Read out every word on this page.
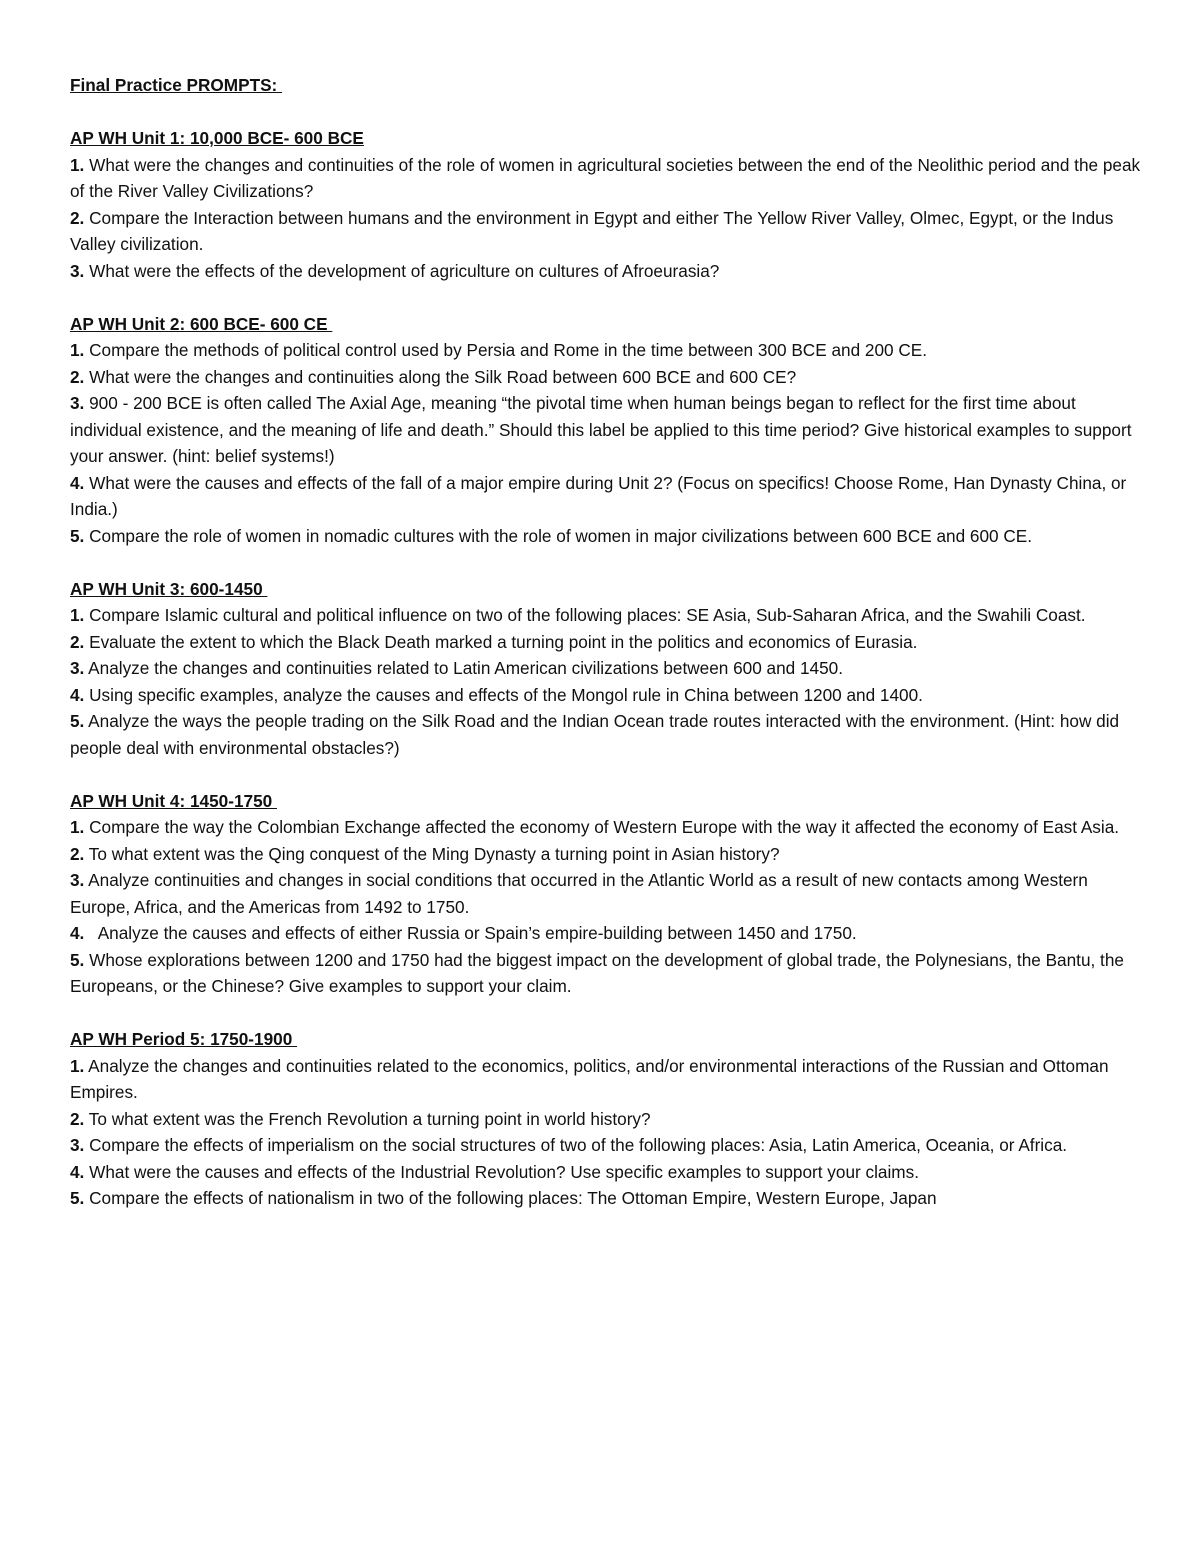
Final Practice PROMPTS:
AP WH Unit 1: 10,000 BCE- 600 BCE
1. What were the changes and continuities of the role of women in agricultural societies between the end of the Neolithic period and the peak of the River Valley Civilizations?
2. Compare the Interaction between humans and the environment in Egypt and either The Yellow River Valley, Olmec, Egypt, or the Indus Valley civilization.
3. What were the effects of the development of agriculture on cultures of Afroeurasia?
AP WH Unit 2: 600 BCE- 600 CE
1. Compare the methods of political control used by Persia and Rome in the time between 300 BCE and 200 CE.
2. What were the changes and continuities along the Silk Road between 600 BCE and 600 CE?
3. 900 - 200 BCE is often called The Axial Age, meaning “the pivotal time when human beings began to reflect for the first time about individual existence, and the meaning of life and death.” Should this label be applied to this time period? Give historical examples to support your answer. (hint: belief systems!)
4. What were the causes and effects of the fall of a major empire during Unit 2? (Focus on specifics! Choose Rome, Han Dynasty China, or India.)
5. Compare the role of women in nomadic cultures with the role of women in major civilizations between 600 BCE and 600 CE.
AP WH Unit 3: 600-1450
1. Compare Islamic cultural and political influence on two of the following places: SE Asia, Sub-Saharan Africa, and the Swahili Coast.
2. Evaluate the extent to which the Black Death marked a turning point in the politics and economics of Eurasia.
3. Analyze the changes and continuities related to Latin American civilizations between 600 and 1450.
4. Using specific examples, analyze the causes and effects of the Mongol rule in China between 1200 and 1400.
5. Analyze the ways the people trading on the Silk Road and the Indian Ocean trade routes interacted with the environment. (Hint: how did people deal with environmental obstacles?)
AP WH Unit 4: 1450-1750
1. Compare the way the Colombian Exchange affected the economy of Western Europe with the way it affected the economy of East Asia.
2. To what extent was the Qing conquest of the Ming Dynasty a turning point in Asian history?
3. Analyze continuities and changes in social conditions that occurred in the Atlantic World as a result of new contacts among Western Europe, Africa, and the Americas from 1492 to 1750.
4.   Analyze the causes and effects of either Russia or Spain’s empire-building between 1450 and 1750.
5. Whose explorations between 1200 and 1750 had the biggest impact on the development of global trade, the Polynesians, the Bantu, the Europeans, or the Chinese? Give examples to support your claim.
AP WH Period 5: 1750-1900
1. Analyze the changes and continuities related to the economics, politics, and/or environmental interactions of the Russian and Ottoman Empires.
2. To what extent was the French Revolution a turning point in world history?
3. Compare the effects of imperialism on the social structures of two of the following places: Asia, Latin America, Oceania, or Africa.
4. What were the causes and effects of the Industrial Revolution? Use specific examples to support your claims.
5. Compare the effects of nationalism in two of the following places: The Ottoman Empire, Western Europe, Japan
